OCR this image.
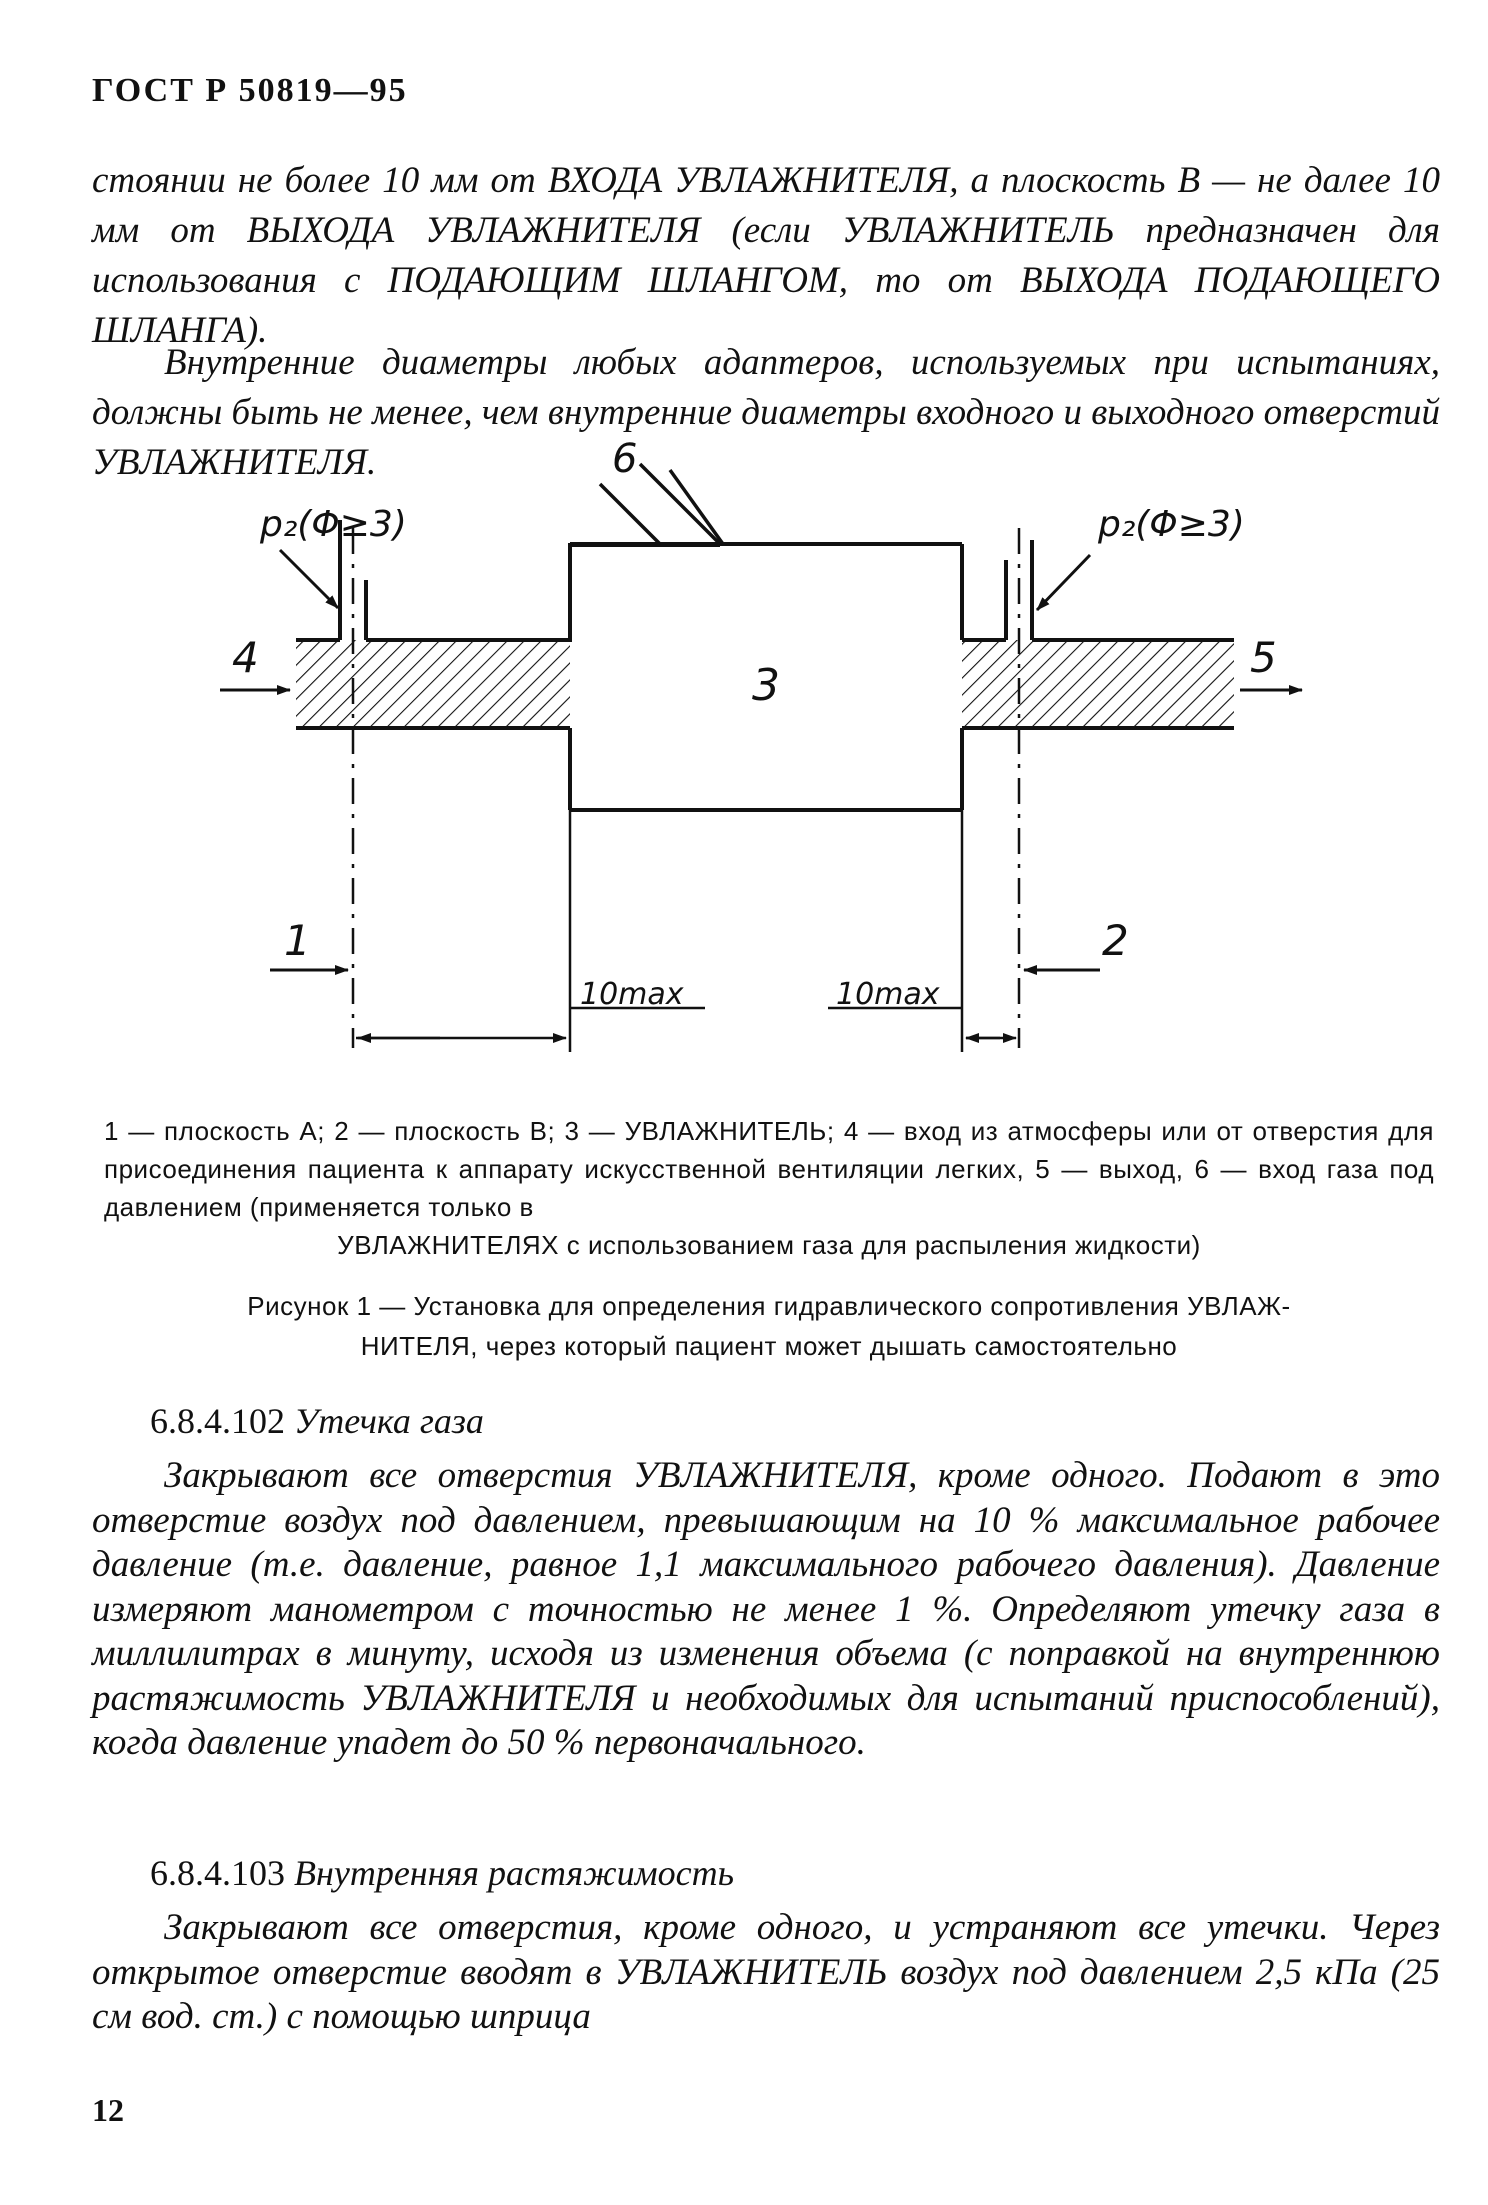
ГОСТ Р 50819—95
стоянии не более 10 мм от ВХОДА УВЛАЖНИТЕЛЯ, а плоскость В — не далее 10 мм от ВЫХОДА УВЛАЖНИТЕЛЯ (если УВЛАЖНИТЕЛЬ предназначен для использования с ПОДАЮЩИМ ШЛАНГОМ, то от ВЫХОДА ПОДАЮЩЕГО ШЛАНГА).
Внутренние диаметры любых адаптеров, используемых при испытаниях, должны быть не менее, чем внутренние диаметры входного и выходного отверстий УВЛАЖНИТЕЛЯ.	6
3
4	5
1	2
p₂(Φ≥3)	p₂(Φ≥3)
10max	10max
1 — плоскость А; 2 — плоскость В; 3 — УВЛАЖНИТЕЛЬ; 4 — вход из атмосферы или от отверстия для присоединения пациента к аппарату искусственной вентиляции легких, 5 — выход, 6 — вход газа под давлением (применяется только в
УВЛАЖНИТЕЛЯХ с использованием газа для распыления жидкости)
Рисунок 1 — Установка для определения гидравлического сопротивления УВЛАЖ-
НИТЕЛЯ, через который пациент может дышать самостоятельно
6.8.4.102 Утечка газа
Закрывают все отверстия УВЛАЖНИТЕЛЯ, кроме одного. Подают в это отверстие воздух под давлением, превышающим на 10 % максимальное рабочее давление (т.е. давление, равное 1,1 максимального рабочего давления). Давление измеряют манометром с точностью не менее 1 %. Определяют утечку газа в миллилитрах в минуту, исходя из изменения объема (с поправкой на внутреннюю растяжимость УВЛАЖНИТЕЛЯ и необходимых для испытаний приспособлений), когда давление упадет до 50 % первоначального.
6.8.4.103 Внутренняя растяжимость
Закрывают все отверстия, кроме одного, и устраняют все утечки. Через открытое отверстие вводят в УВЛАЖНИТЕЛЬ воздух под давлением 2,5 кПа (25 см вод. ст.) с помощью шприца
12
